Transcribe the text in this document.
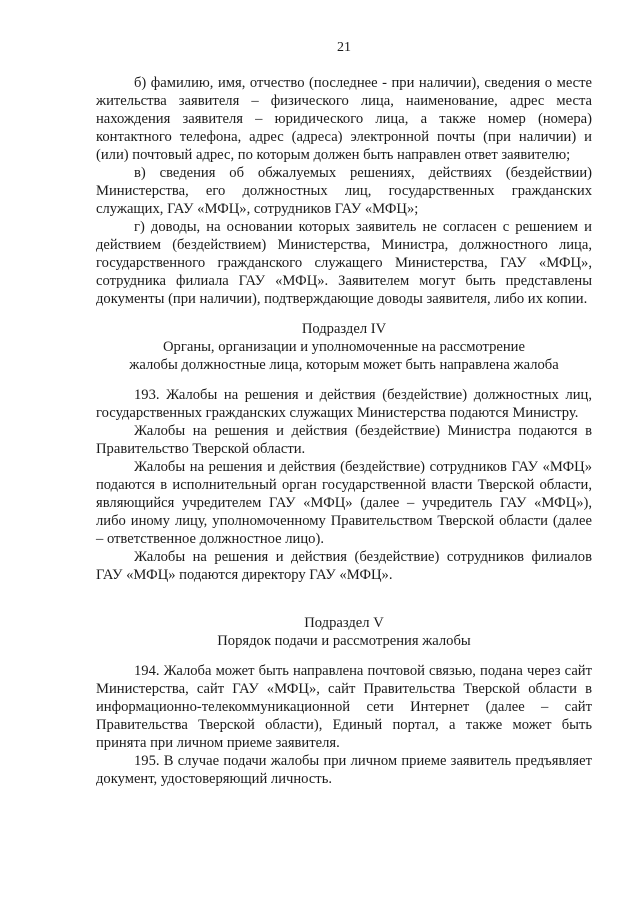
21

б) фамилию, имя, отчество (последнее - при наличии), сведения о месте жительства заявителя – физического лица, наименование, адрес места нахождения заявителя – юридического лица, а также номер (номера) контактного телефона, адрес (адреса) электронной почты (при наличии) и (или) почтовый адрес, по которым должен быть направлен ответ заявителю;

в) сведения об обжалуемых решениях, действиях (бездействии) Министерства, его должностных лиц, государственных гражданских служащих, ГАУ «МФЦ», сотрудников ГАУ «МФЦ»;

г) доводы, на основании которых заявитель не согласен с решением и действием (бездействием) Министерства, Министра, должностного лица, государственного гражданского служащего Министерства, ГАУ «МФЦ», сотрудника филиала ГАУ «МФЦ». Заявителем могут быть представлены документы (при наличии), подтверждающие доводы заявителя, либо их копии.

Подраздел IV
Органы, организации и уполномоченные на рассмотрение
жалобы должностные лица, которым может быть направлена жалоба

193. Жалобы на решения и действия (бездействие) должностных лиц, государственных гражданских служащих Министерства подаются Министру.

Жалобы на решения и действия (бездействие) Министра подаются в Правительство Тверской области.

Жалобы на решения и действия (бездействие) сотрудников ГАУ «МФЦ» подаются в исполнительный орган государственной власти Тверской области, являющийся учредителем ГАУ «МФЦ» (далее – учредитель ГАУ «МФЦ»), либо иному лицу, уполномоченному Правительством Тверской области (далее – ответственное должностное лицо).

Жалобы на решения и действия (бездействие) сотрудников филиалов ГАУ «МФЦ» подаются директору ГАУ «МФЦ».

Подраздел V
Порядок подачи и рассмотрения жалобы

194. Жалоба может быть направлена почтовой связью, подана через сайт Министерства, сайт ГАУ «МФЦ», сайт Правительства Тверской области в информационно-телекоммуникационной сети Интернет (далее – сайт Правительства Тверской области), Единый портал, а также может быть принята при личном приеме заявителя.

195. В случае подачи жалобы при личном приеме заявитель предъявляет документ, удостоверяющий личность.
